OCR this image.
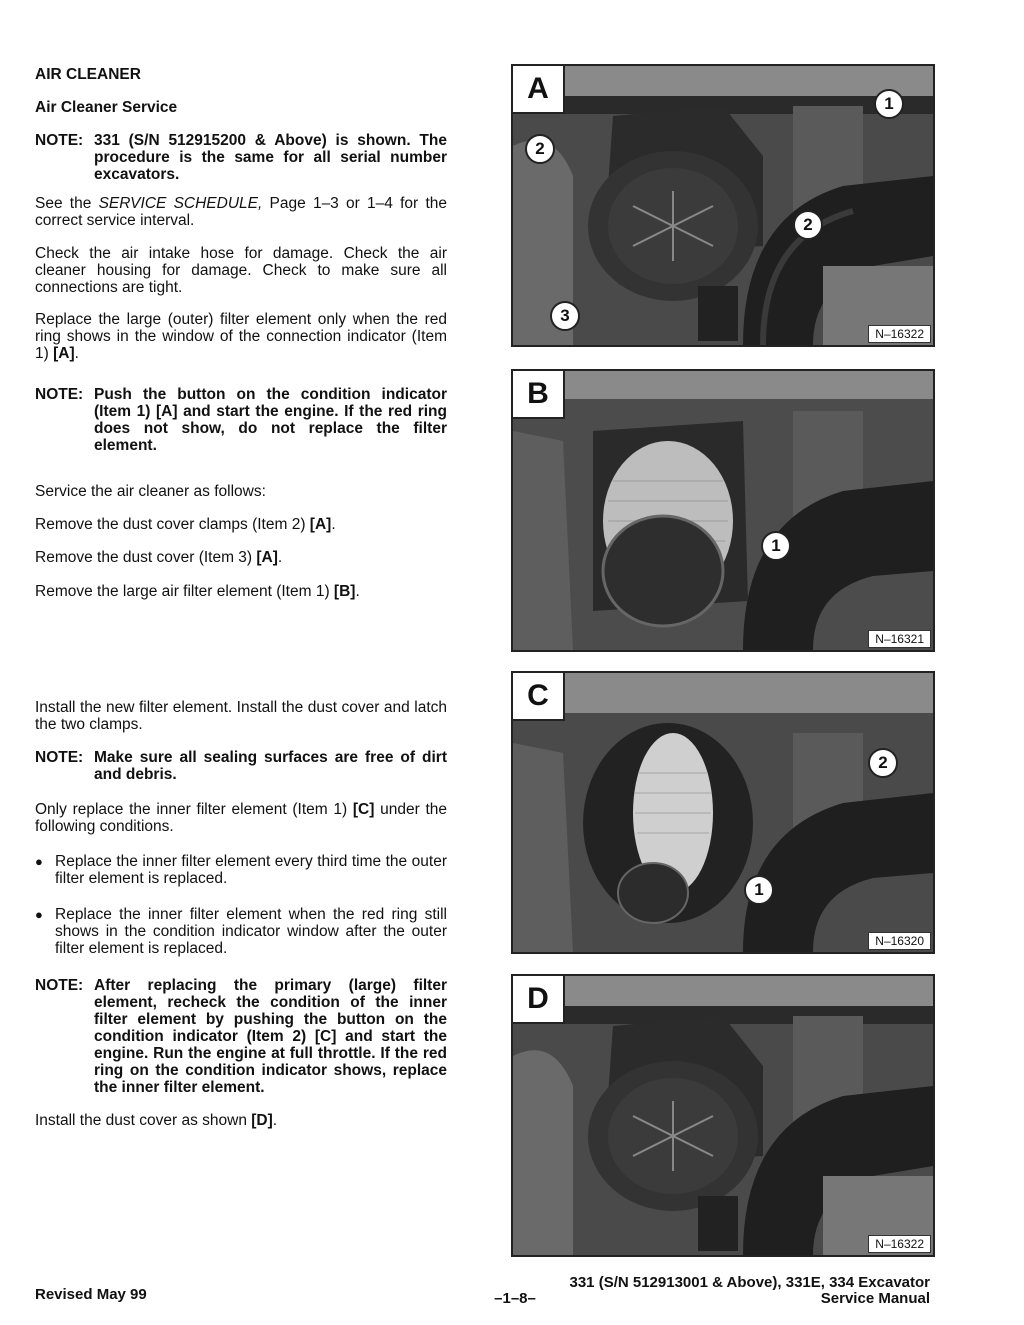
AIR CLEANER

Air Cleaner Service

NOTE: 331 (S/N 512915200 & Above) is shown. The procedure is the same for all serial number excavators.

See the SERVICE SCHEDULE, Page 1–3 or 1–4 for the correct service interval.

Check the air intake hose for damage. Check the air cleaner housing for damage. Check to make sure all connections are tight.

Replace the large (outer) filter element only when the red ring shows in the window of the connection indicator (Item 1) [A].

NOTE: Push the button on the condition indicator (Item 1) [A] and start the engine. If the red ring does not show, do not replace the filter element.

Service the air cleaner as follows:

Remove the dust cover clamps (Item 2) [A].

Remove the dust cover (Item 3) [A].

Remove the large air filter element (Item 1) [B].

Install the new filter element. Install the dust cover and latch the two clamps.

NOTE: Make sure all sealing surfaces are free of dirt and debris.

Only replace the inner filter element (Item 1) [C] under the following conditions.

● Replace the inner filter element every third time the outer filter element is replaced.
● Replace the inner filter element when the red ring still shows in the condition indicator window after the outer filter element is replaced.
NOTE: After replacing the primary (large) filter element, recheck the condition of the inner filter element by pushing the button on the condition indicator (Item 2) [C] and start the engine. Run the engine at full throttle. If the red ring on the condition indicator shows, replace the inner filter element.

Install the dust cover as shown [D].

A	1
2
2
3
N–16322
B
1
N–16321
C
2
1
N–16320
D
N–16322
Revised May 99	–1–8–
331 (S/N 512913001 & Above), 331E, 334 Excavator
Service Manual
